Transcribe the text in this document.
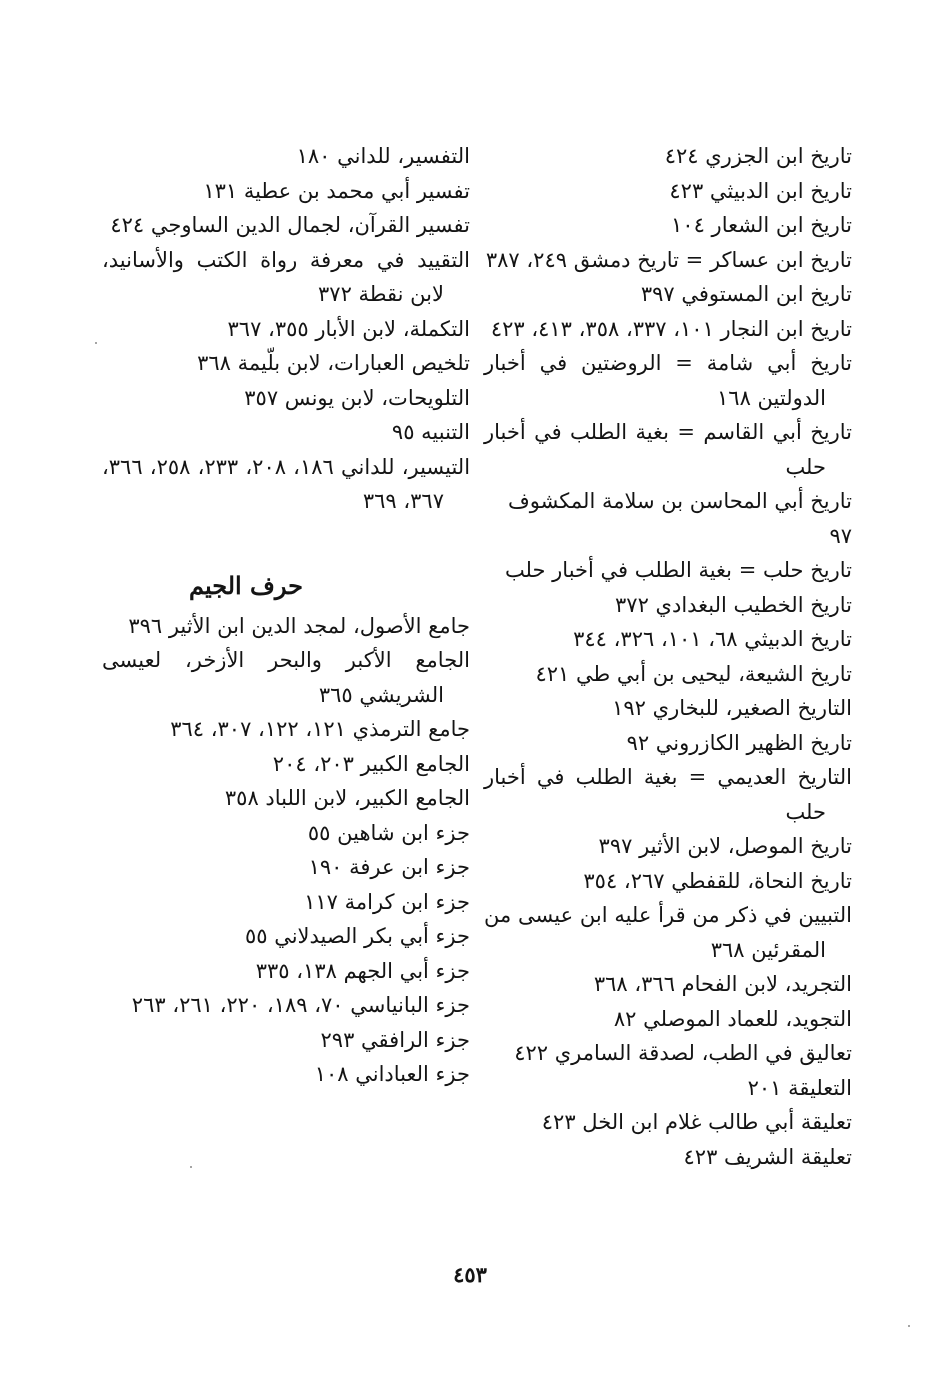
تاريخ ابن الجزري ٤٢٤
تاريخ ابن الدبيثي ٤٢٣
تاريخ ابن الشعار ١٠٤
تاريخ ابن عساكر = تاريخ دمشق ٢٤٩، ٣٨٧
تاريخ ابن المستوفي ٣٩٧
تاريخ ابن النجار ١٠١، ٣٣٧، ٣٥٨، ٤١٣، ٤٢٣
تاريخ أبي شامة = الروضتين في أخبار الدولتين ١٦٨
تاريخ أبي القاسم = بغية الطلب في أخبار حلب
تاريخ أبي المحاسن بن سلامة المكشوف ٩٧
تاريخ حلب = بغية الطلب في أخبار حلب
تاريخ الخطيب البغدادي ٣٧٢
تاريخ الدبيثي ٦٨، ١٠١، ٣٢٦، ٣٤٤
تاريخ الشيعة، ليحيى بن أبي طي ٤٢١
التاريخ الصغير، للبخاري ١٩٢
تاريخ الظهير الكازروني ٩٢
التاريخ العديمي = بغية الطلب في أخبار حلب
تاريخ الموصل، لابن الأثير ٣٩٧
تاريخ النحاة، للقفطي ٢٦٧، ٣٥٤
التبيين في ذكر من قرأ عليه ابن عيسى من المقرئين ٣٦٨
التجريد، لابن الفحام ٣٦٦، ٣٦٨
التجويد، للعماد الموصلي ٨٢
تعاليق في الطب، لصدقة السامري ٤٢٢
التعليقة ٢٠١
تعليقة أبي طالب غلام ابن الخل ٤٢٣
تعليقة الشريف ٤٢٣
التفسير، للداني ١٨٠
تفسير أبي محمد بن عطية ١٣١
تفسير القرآن، لجمال الدين الساوجي ٤٢٤
التقييد في معرفة رواة الكتب والأسانيد، لابن نقطة ٣٧٢
التكملة، لابن الأبار ٣٥٥، ٣٦٧
تلخيص العبارات، لابن بلّيمة ٣٦٨
التلويحات، لابن يونس ٣٥٧
التنبيه ٩٥
التيسير، للداني ١٨٦، ٢٠٨، ٢٣٣، ٢٥٨، ٣٦٦، ٣٦٧، ٣٦٩
حرف الجيم
جامع الأصول، لمجد الدين ابن الأثير ٣٩٦
الجامع الأكبر والبحر الأزخر، لعيسى الشريشي ٣٦٥
جامع الترمذي ١٢١، ١٢٢، ٣٠٧، ٣٦٤
الجامع الكبير ٢٠٣، ٢٠٤
الجامع الكبير، لابن اللباد ٣٥٨
جزء ابن شاهين ٥٥
جزء ابن عرفة ١٩٠
جزء ابن كرامة ١١٧
جزء أبي بكر الصيدلاني ٥٥
جزء أبي الجهم ١٣٨، ٣٣٥
جزء البانياسي ٧٠، ١٨٩، ٢٢٠، ٢٦١، ٢٦٣
جزء الرافقي ٢٩٣
جزء العباداني ١٠٨
٤٥٣
